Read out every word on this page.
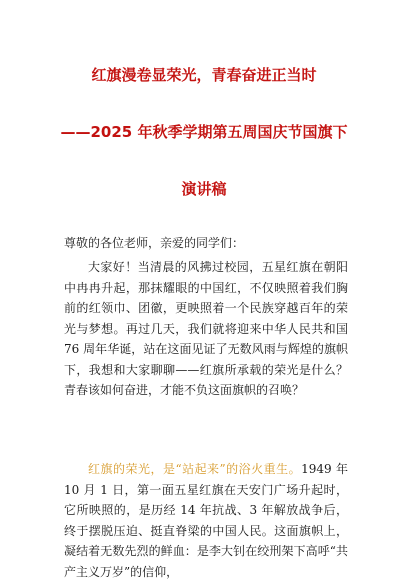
红旗漫卷显荣光，青春奋进正当时
——2025 年秋季学期第五周国庆节国旗下
演讲稿
尊敬的各位老师，亲爱的同学们：
大家好！当清晨的风拂过校园，五星红旗在朝阳中冉冉升起，那抹耀眼的中国红，不仅映照着我们胸前的红领巾、团徽，更映照着一个民族穿越百年的荣光与梦想。再过几天，我们就将迎来中华人民共和国 76 周年华诞，站在这面见证了无数风雨与辉煌的旗帜下，我想和大家聊聊——红旗所承载的荣光是什么？青春该如何奋进，才能不负这面旗帜的召唤？
红旗的荣光，是“站起来”的浴火重生。1949 年 10 月 1 日，第一面五星红旗在天安门广场升起时，它所映照的，是历经 14 年抗战、3 年解放战争后，终于摆脱压迫、挺直脊梁的中国人民。这面旗帜上，凝结着无数先烈的鲜血：是李大钊在绞刑架下高呼“共产主义万岁”的信仰，
